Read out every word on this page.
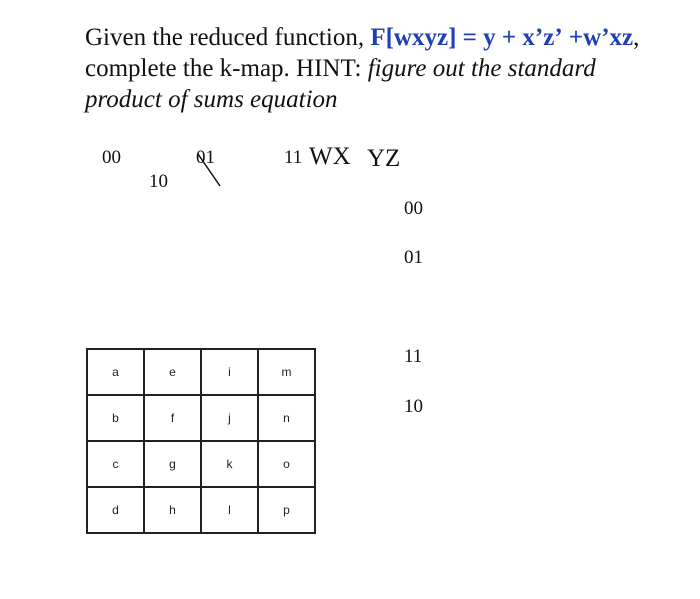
Given the reduced function, F[wxyz] = y + x’z’ +w’xz, complete the k-map. HINT: figure out the standard product of sums equation
00
10
01	11 WX YZ
00
01
11
10
a	e	i	m
b	f	j	n
c	g	k	o
d	h	l	p
